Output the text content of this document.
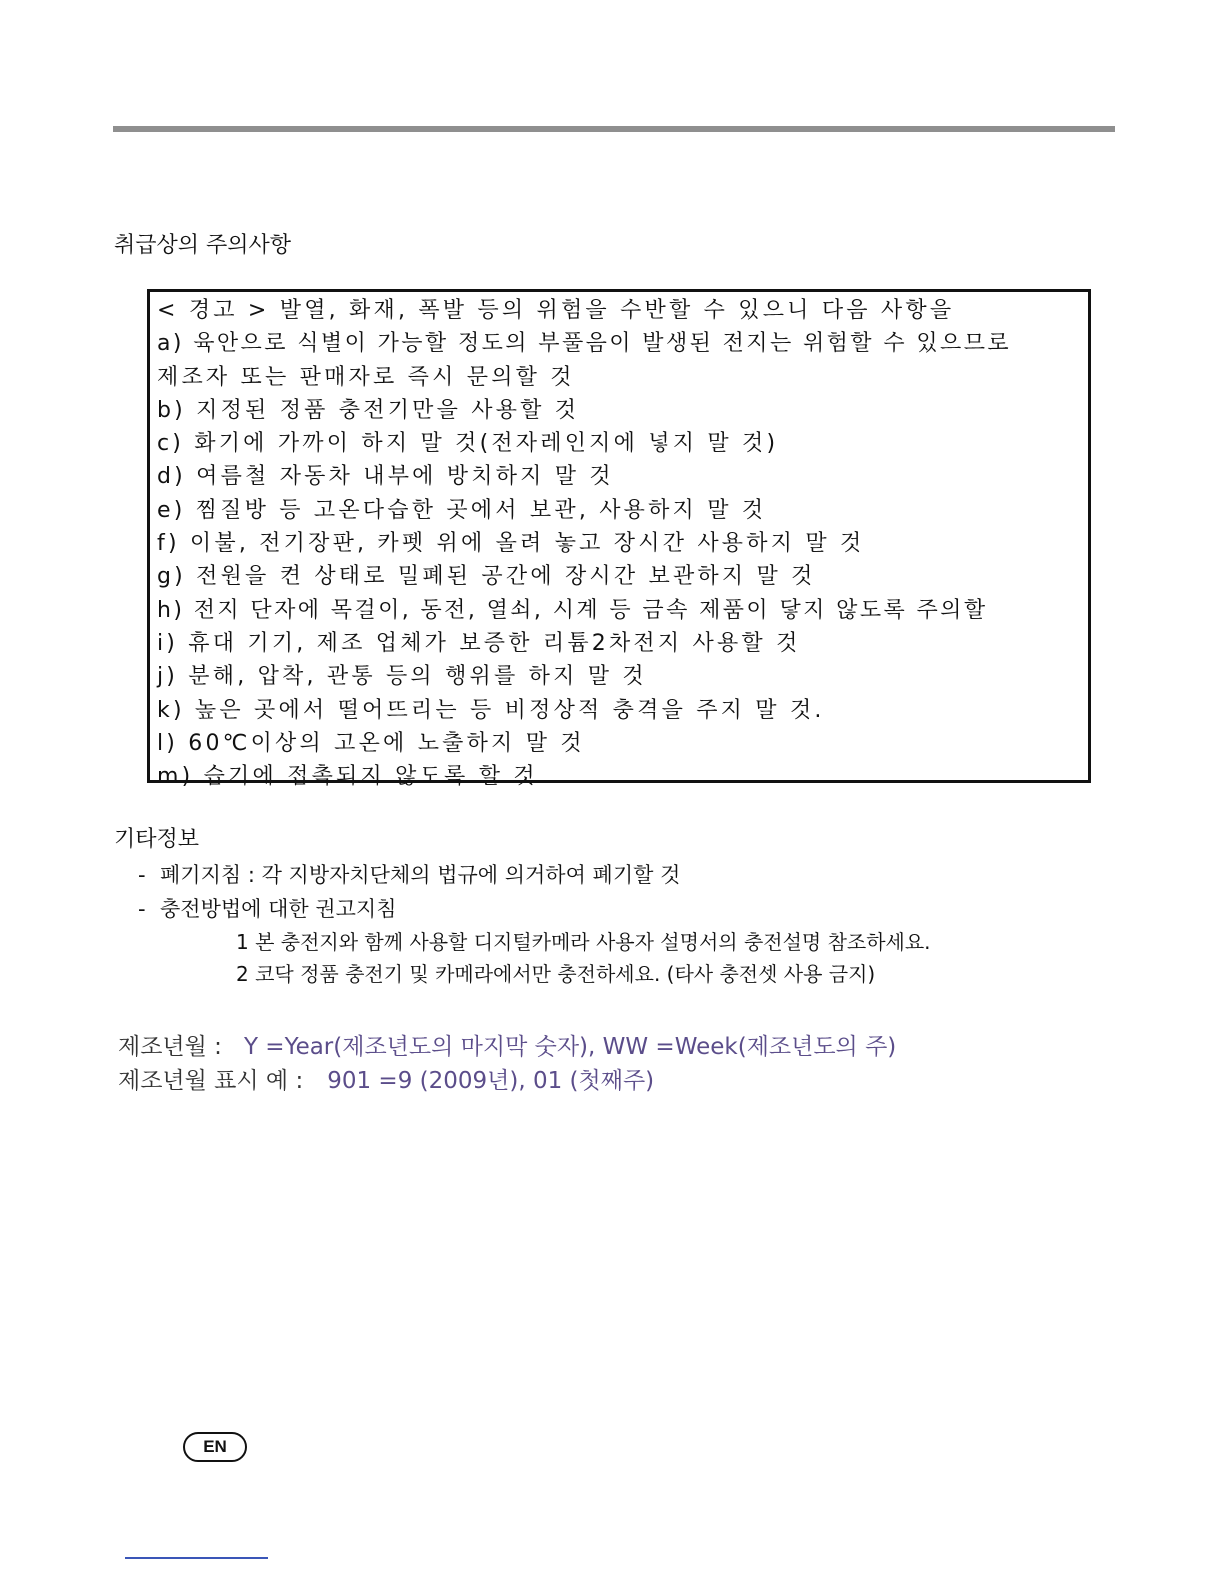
취급상의 주의사항
< 경고 > 발열, 화재, 폭발 등의 위험을 수반할 수 있으니 다음 사항을
a) 육안으로 식별이 가능할 정도의 부풀음이 발생된 전지는 위험할 수 있으므로
제조자 또는 판매자로 즉시 문의할 것
b) 지정된 정품 충전기만을 사용할 것
c) 화기에 가까이 하지 말 것(전자레인지에 넣지 말 것)
d) 여름철 자동차 내부에 방치하지 말 것
e) 찜질방 등 고온다습한 곳에서 보관, 사용하지 말 것
f) 이불, 전기장판, 카펫 위에 올려 놓고 장시간 사용하지 말 것
g) 전원을 켠 상태로 밀폐된 공간에 장시간 보관하지 말 것
h) 전지 단자에 목걸이, 동전, 열쇠, 시계 등 금속 제품이 닿지 않도록 주의할
i) 휴대 기기, 제조 업체가 보증한 리튬2차전지 사용할 것
j) 분해, 압착, 관통 등의 행위를 하지 말 것
k) 높은 곳에서 떨어뜨리는 등 비정상적 충격을 주지 말 것.
l) 60℃이상의 고온에 노출하지 말 것
m) 습기에 접촉되지 않도록 할 것
기타정보
- 폐기지침 : 각 지방자치단체의 법규에 의거하여 폐기할 것
- 충전방법에 대한 권고지침
1 본 충전지와 함께 사용할 디지털카메라 사용자 설명서의 충전설명 참조하세요.
2 코닥 정품 충전기 및 카메라에서만 충전하세요. (타사 충전셋 사용 금지)
제조년월 : Y =Year(제조년도의 마지막 숫자), WW =Week(제조년도의 주)
제조년월 표시 예 : 901 =9 (2009년), 01 (첫째주)
EN
